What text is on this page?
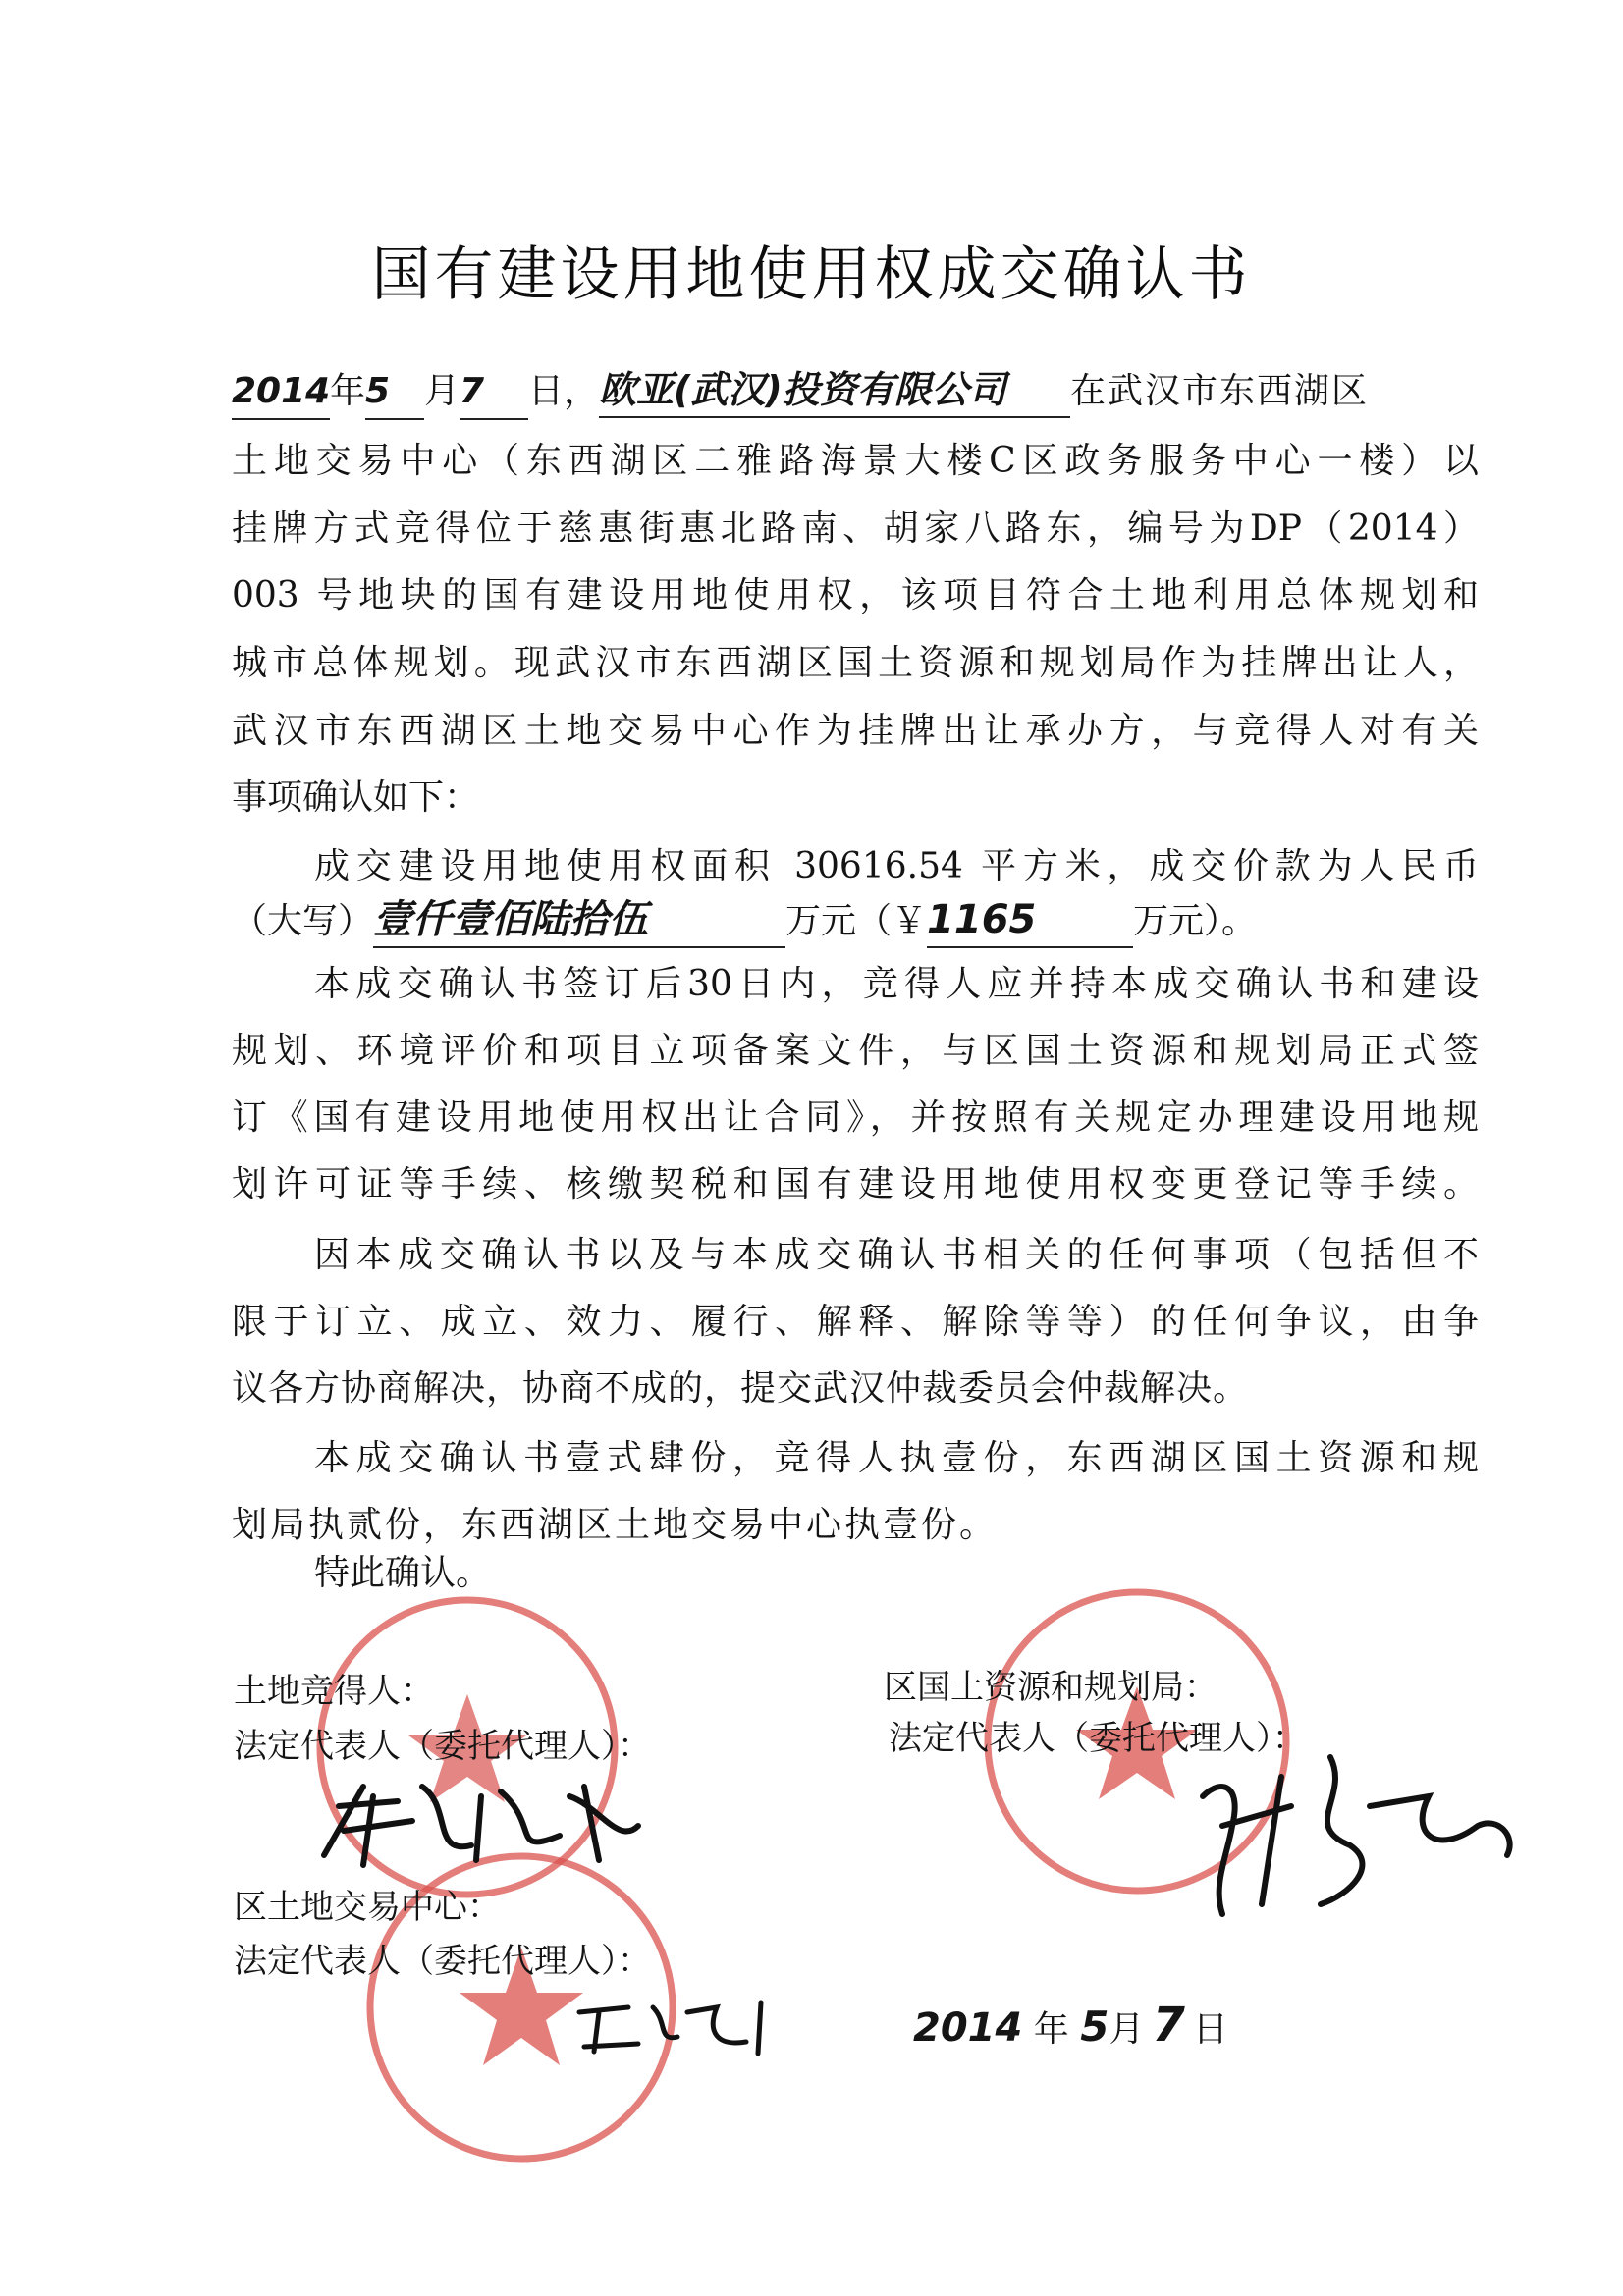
国有建设用地使用权成交确认书
2014年5 月7 日，欧亚(武汉)投资有限公司 在武汉市东西湖区
土地交易中心（东西湖区二雅路海景大楼C区政务服务中心一楼）以
挂牌方式竞得位于慈惠街惠北路南、胡家八路东，编号为DP（2014）
003 号地块的国有建设用地使用权，该项目符合土地利用总体规划和
城市总体规划。现武汉市东西湖区国土资源和规划局作为挂牌出让人，
武汉市东西湖区土地交易中心作为挂牌出让承办方，与竞得人对有关
事项确认如下：
成交建设用地使用权面积 30616.54 平方米，成交价款为人民币
（大写）壹仟壹佰陆拾伍	万元（￥1165	万元）。
本成交确认书签订后30日内，竞得人应并持本成交确认书和建设
规划、环境评价和项目立项备案文件，与区国土资源和规划局正式签
订《国有建设用地使用权出让合同》，并按照有关规定办理建设用地规
划许可证等手续、核缴契税和国有建设用地使用权变更登记等手续。
因本成交确认书以及与本成交确认书相关的任何事项（包括但不
限于订立、成立、效力、履行、解释、解除等等）的任何争议，由争
议各方协商解决，协商不成的，提交武汉仲裁委员会仲裁解决。
本成交确认书壹式肆份，竞得人执壹份，东西湖区国土资源和规
划局执贰份，东西湖区土地交易中心执壹份。
特此确认。
土地竞得人：
法定代表人（委托代理人）：
区国土资源和规划局：
法定代表人（委托代理人）：
区土地交易中心：
法定代表人（委托代理人）：
2014 年 5月 7 日
